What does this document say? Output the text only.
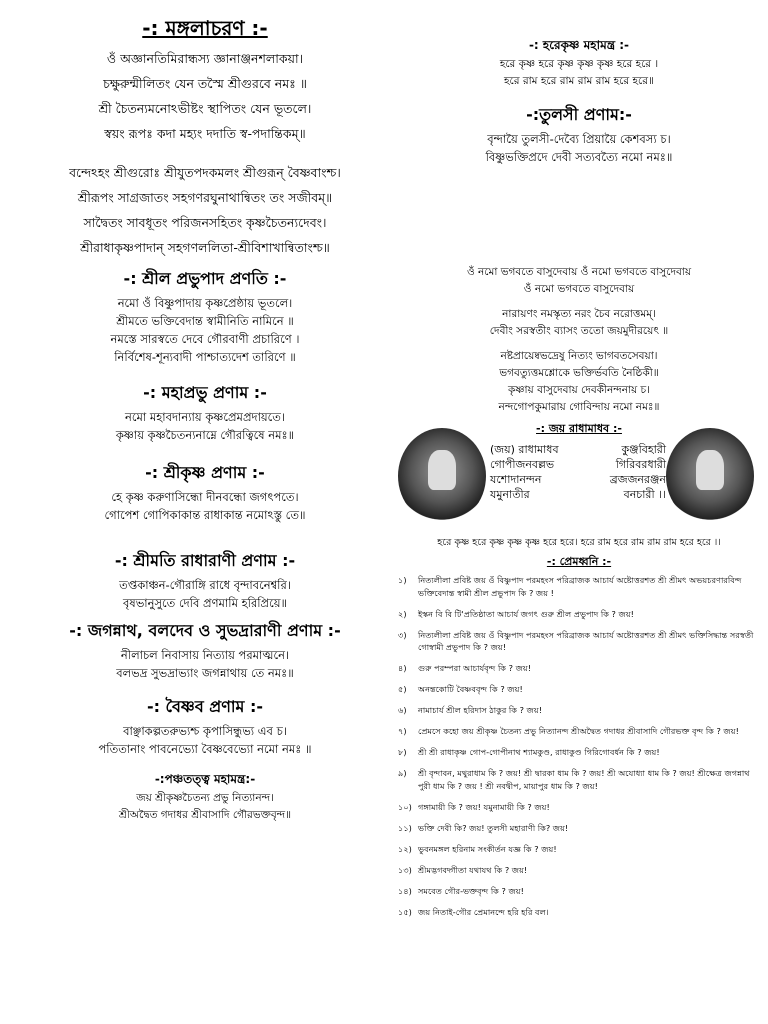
-: মঙ্গলাচরণ :-
ওঁ অজ্ঞানতিমিরান্ধস্য জ্ঞানাঞ্জনশলাকয়া।
চক্ষুরুন্মীলিতং যেন তস্মৈ শ্রীগুরবে নমঃ ॥
শ্রী চৈতন্যমনোঽভীষ্টং স্থাপিতং যেন ভূতলে।
স্বয়ং রূপঃ কদা মহ্যং দদাতি স্ব-পদান্তিকম্॥
বন্দেঽহং শ্রীগুরোঃ শ্রীযুতপদকমলং শ্রীগুরূন্ বৈষ্ণবাংশ্চ।
শ্রীরূপং সাগ্রজাতং সহগণরঘুনাথান্বিতং তং সজীবম্॥
সাদ্বৈতং সাবধূতং পরিজনসহিতং কৃষ্ণচৈতন্যদেবং।
শ্রীরাধাকৃষ্ণপাদান্ সহগণললিতা-শ্রীবিশাখান্বিতাংশ্চ॥
-: শ্রীল প্রভুপাদ প্রণতি :-
নমো ওঁ বিষ্ণুপাদায় কৃষ্ণপ্রেষ্ঠায় ভূতলে।
শ্রীমতে ভক্তিবেদান্ত স্বামীনিতি নামিনে ॥
নমস্তে সারস্বতে দেবে গৌরবাণী প্রচারিণে ।
নির্বিশেষ-শূন্যবাদী পাশ্চাত্যদেশ তারিণে ॥
-: মহাপ্রভু প্রণাম :-
নমো মহাবদান্যায় কৃষ্ণপ্রেমপ্রদায়তে।
কৃষ্ণায় কৃষ্ণচৈতন্যনাম্নে গৌরত্বিষে নমঃ॥
-: শ্রীকৃষ্ণ প্রণাম :-
হে কৃষ্ণ করুণাসিন্ধো দীনবন্ধো জগৎপতে।
গোপেশ গোপিকাকান্ত রাধাকান্ত নমোঽস্তু তে॥
-: শ্রীমতি রাধারাণী প্রণাম :-
তপ্তকাঞ্চন-গৌরাঙ্গি রাধে বৃন্দাবনেশ্বরি।
বৃষভানুসুতে দেবি প্রণমামি হরিপ্রিয়ে॥
-: জগন্নাথ, বলদেব ও সুভদ্রারাণী প্রণাম :-
নীলাচল নিবাসায় নিত্যায় পরমাত্মনে।
বলভদ্র সুভদ্রাভ্যাং জগন্নাথায় তে নমঃ॥
-: বৈষ্ণব প্রণাম :-
বাঞ্ছাকল্পতরুভ্যশ্চ কৃপাসিন্ধুভ্য এব চ।
পতিতানাং পাবনেভ্যো বৈষ্ণবেভ্যো নমো নমঃ ॥
-:পঞ্চতত্ত্ব মহামন্ত্র:-
জয় শ্রীকৃষ্ণচৈতন্য প্রভু নিত্যানন্দ।
শ্রীঅদ্বৈত গদাধর শ্রীবাসাদি গৌরভক্তবৃন্দ॥
-: হরেকৃষ্ণ মহামন্ত্র :-
হরে কৃষ্ণ হরে কৃষ্ণ কৃষ্ণ কৃষ্ণ হরে হরে ।
হরে রাম হরে রাম রাম রাম হরে হরে॥
-:তুলসী প্রণাম:-
বৃন্দায়ৈ তুলসী-দেব্যৈ প্রিয়ায়ৈ কেশবস্য চ।
বিষ্ণুভক্তিপ্রদে দেবী সত্যবত্যৈ নমো নমঃ॥
ওঁ নমো ভগবতে বাসুদেবায় ওঁ নমো ভগবতে বাসুদেবায়
ওঁ নমো ভগবতে বাসুদেবায়
নারায়ণং নমস্কৃত্য নরং চৈব নরোত্তমম্।
দেবীং সরস্বতীং ব্যাসং ততো জয়মুদীরয়েৎ ॥
নষ্টপ্রায়েষ্বভদ্রেষু নিত্যং ভাগবতসেবয়া।
ভগবত্যুত্তমশ্লোকে ভক্তির্ভবতি নৈষ্ঠিকী॥
কৃষ্ণায় বাসুদেবায় দেবকীনন্দনায় চ।
নন্দগোপকুমারায় গোবিন্দায় নমো নমঃ॥
-: জয় রাধামাধব :-
(জয়) রাধামাধব	কুঞ্জবিহারী
গোপীজনবল্লভ	গিরিবরধারী
যশোদানন্দন	ব্রজজনরঞ্জন
যমুনাতীর	বনচারী ।।
হরে কৃষ্ণ হরে কৃষ্ণ কৃষ্ণ কৃষ্ণ হরে হরে। হরে রাম হরে রাম রাম রাম হরে হরে ।।
-: প্রেমধ্বনি :-
১)	নিত্যলীলা প্রবিষ্ট জয় ওঁ বিষ্ণুপাদ পরমহংস পরিব্রাজক আচার্য অষ্টোত্তরশত শ্রী শ্রীমৎ অভয়চরণারবিন্দ ভক্তিবেদান্ত স্বামী শ্রীল প্রভুপাদ কি ? জয় !
২)	ইস্কন বি বি টি'প্রতিষ্ঠাতা আচার্য জগৎ গুরু শ্রীল প্রভুপাদ কি ? জয়!
৩)	নিত্যলীলা প্রবিষ্ট জয় ওঁ বিষ্ণুপাদ পরমহংস পরিব্রাজক আচার্য অষ্টোত্তরশত শ্রী শ্রীমৎ ভক্তিসিদ্ধান্ত সরস্বতী গোস্বামী প্রভুপাদ কি ? জয়!
৪)	গুরু পরম্পরা আচার্যবৃন্দ কি ? জয়!
৫)	অনন্তকোটি বৈষ্ণববৃন্দ কি ? জয়!
৬)	নামাচার্য শ্রীল হরিদাস ঠাকুর কি ? জয়!
৭)	প্রেমসে কহো জয় শ্রীকৃষ্ণ চৈতন্য প্রভু নিত্যানন্দ শ্রীঅদ্বৈত গদাধর শ্রীবাসাদি গৌরভক্ত বৃন্দ কি ? জয়!
৮)	শ্রী শ্রী রাধাকৃষ্ণ গোপ-গোপীনাথ শ্যামকুণ্ড, রাধাকুণ্ড গিরিগোবর্ধন কি ? জয়!
৯)	শ্রী বৃন্দাবন, মথুরাধাম কি ? জয়! শ্রী দ্বারকা ধাম কি ? জয়! শ্রী অযোধ্যা ধাম কি ? জয়! শ্রীক্ষেত্র জগন্নাথ পুরী ধাম কি ? জয় ! শ্রী নবদ্বীপ, মায়াপুর ধাম কি ? জয়!
১০) গঙ্গামায়ী কি ? জয়! যমুনামায়ী কি ? জয়!
১১) ভক্তি দেবী কি? জয়! তুলসী মহারাণী কি? জয়!
১২) ভুবনমঙ্গল হরিনাম সংকীর্তন যজ্ঞ কি ? জয়!
১৩) শ্রীমদ্ভগবদ্গীতা যথাযথ কি ? জয়!
১৪) সমবেত গৌর-ভক্তবৃন্দ কি ? জয়!
১৫) জয় নিতাই-গৌর প্রেমানন্দে হরি হরি বল।
